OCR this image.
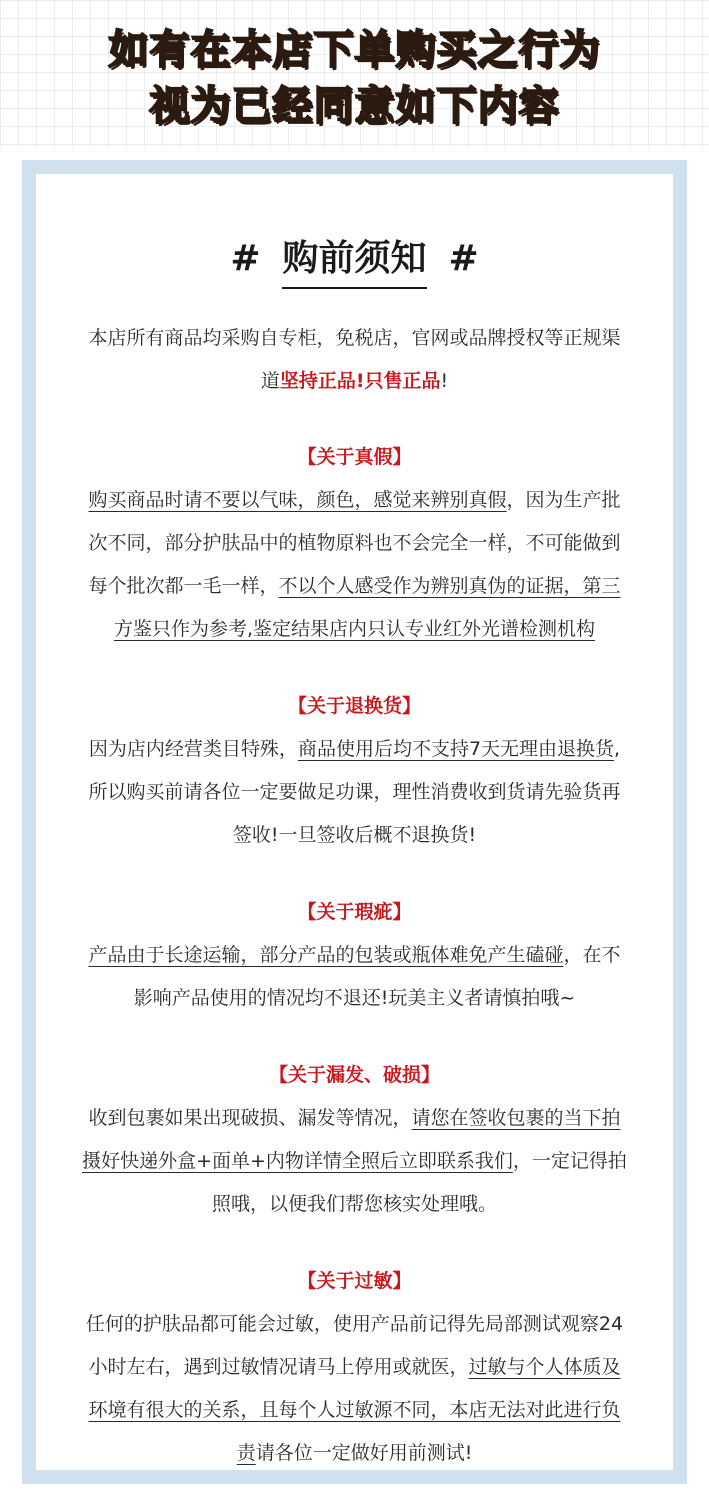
如有在本店下单购买之行为
视为已经同意如下内容
# 购前须知 #
本店所有商品均采购自专柜，免税店，官网或品牌授权等正规渠
道坚持正品!只售正品!
【关于真假】
购买商品时请不要以气味，颜色，感觉来辨别真假，因为生产批
次不同，部分护肤品中的植物原料也不会完全一样，不可能做到
每个批次都一毛一样，不以个人感受作为辨别真伪的证据，第三
方鉴只作为参考,鉴定结果店内只认专业红外光谱检测机构
【关于退换货】
因为店内经营类目特殊，商品使用后均不支持7天无理由退换货,
所以购买前请各位一定要做足功课，理性消费收到货请先验货再
签收!一旦签收后概不退换货!
【关于瑕疵】
产品由于长途运输，部分产品的包装或瓶体难免产生磕碰，在不
影响产品使用的情况均不退还!玩美主义者请慎拍哦~
【关于漏发、破损】
收到包裹如果出现破损、漏发等情况，请您在签收包裹的当下拍
摄好快递外盒+面单+内物详情全照后立即联系我们，一定记得拍
照哦，以便我们帮您核实处理哦。
【关于过敏】
任何的护肤品都可能会过敏，使用产品前记得先局部测试观察24
小时左右，遇到过敏情况请马上停用或就医，过敏与个人体质及
环境有很大的关系，且每个人过敏源不同，本店无法对此进行负
责请各位一定做好用前测试!
